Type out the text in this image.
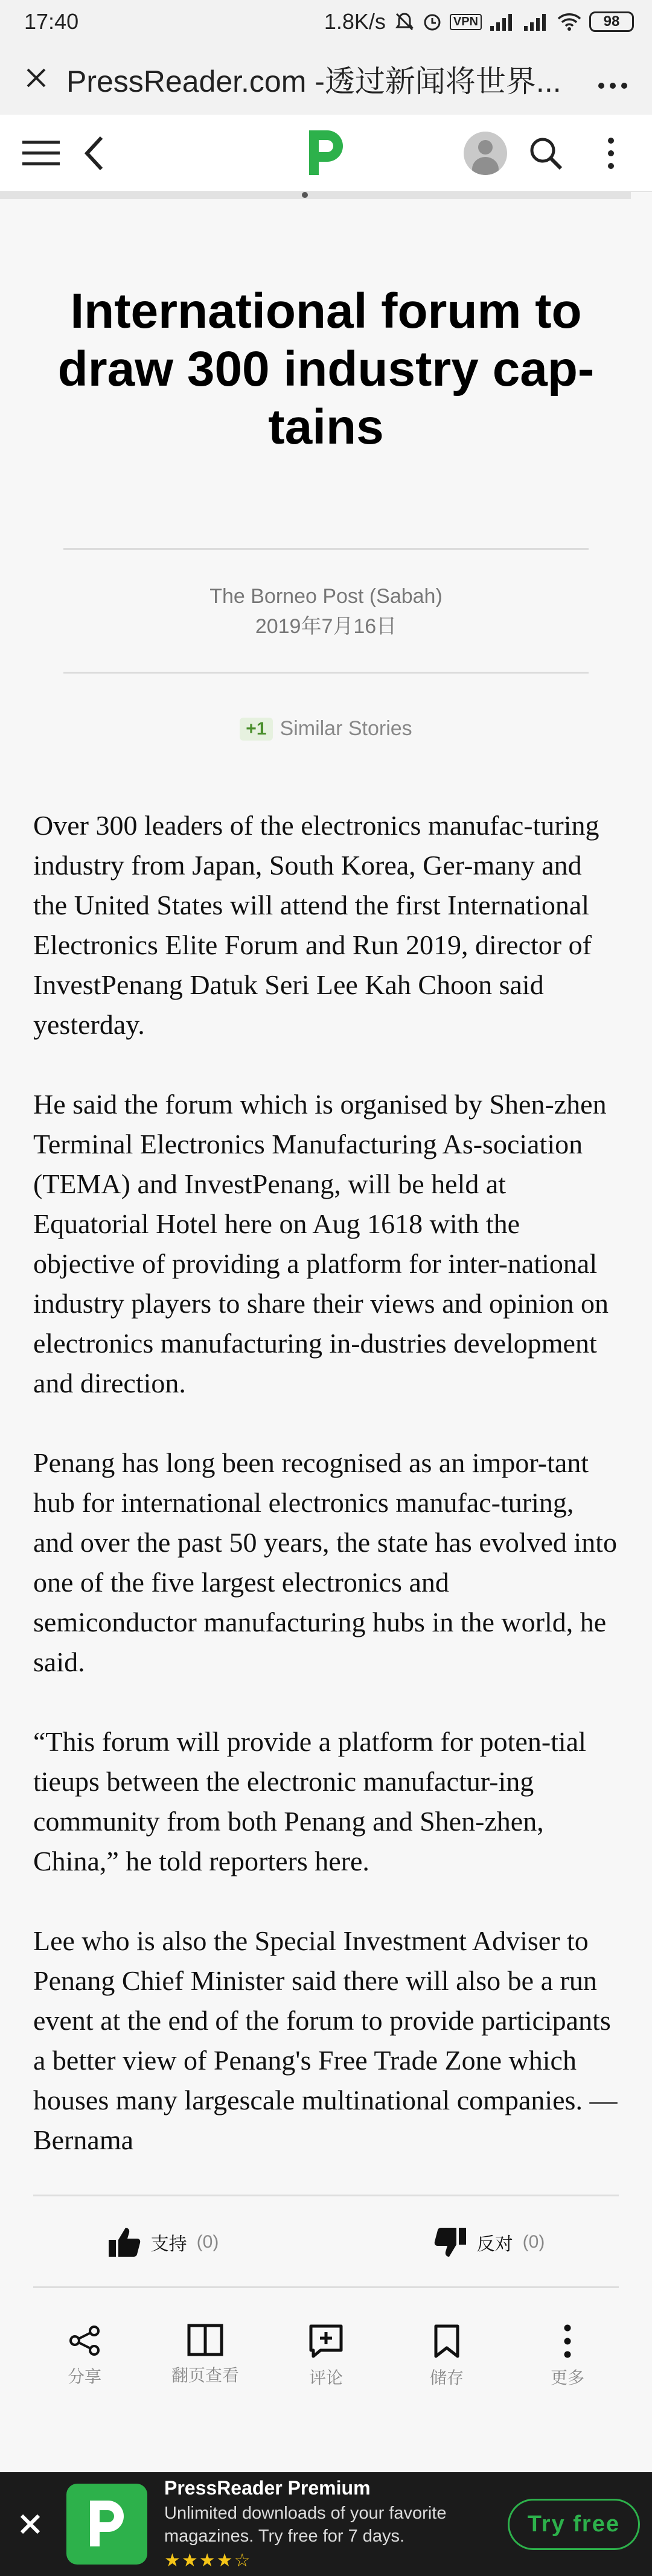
17:40	1.8K/s	VPN	98
PressReader.com -透过新闻将世界...
International forum to draw 300 industry cap-tains
The Borneo Post (Sabah)
2019年7月16日
+1 Similar Stories

Over 300 leaders of the electronics manufac-turing industry from Japan, South Korea, Ger-many and the United States will attend the first International Electronics Elite Forum and Run 2019, director of InvestPenang Datuk Seri Lee Kah Choon said yesterday.

He said the forum which is organised by Shen-zhen Terminal Electronics Manufacturing As-sociation (TEMA) and InvestPenang, will be held at Equatorial Hotel here on Aug 1618 with the objective of providing a platform for inter-national industry players to share their views and opinion on electronics manufacturing in-dustries development and direction.

Penang has long been recognised as an impor-tant hub for international electronics manufac-turing, and over the past 50 years, the state has evolved into one of the five largest electronics and semiconductor manufacturing hubs in the world, he said.

“This forum will provide a platform for poten-tial tieups between the electronic manufactur-ing community from both Penang and Shen-zhen, China,” he told reporters here.

Lee who is also the Special Investment Adviser to Penang Chief Minister said there will also be a run event at the end of the forum to provide participants a better view of Penang's Free Trade Zone which houses many largescale multinational companies. — Bernama

支持 (0)	反对 (0)
分享	翻页查看	评论	储存	更多
PressReader Premium
Unlimited downloads of your favorite magazines. Try free for 7 days.
★★★★☆
Try free
